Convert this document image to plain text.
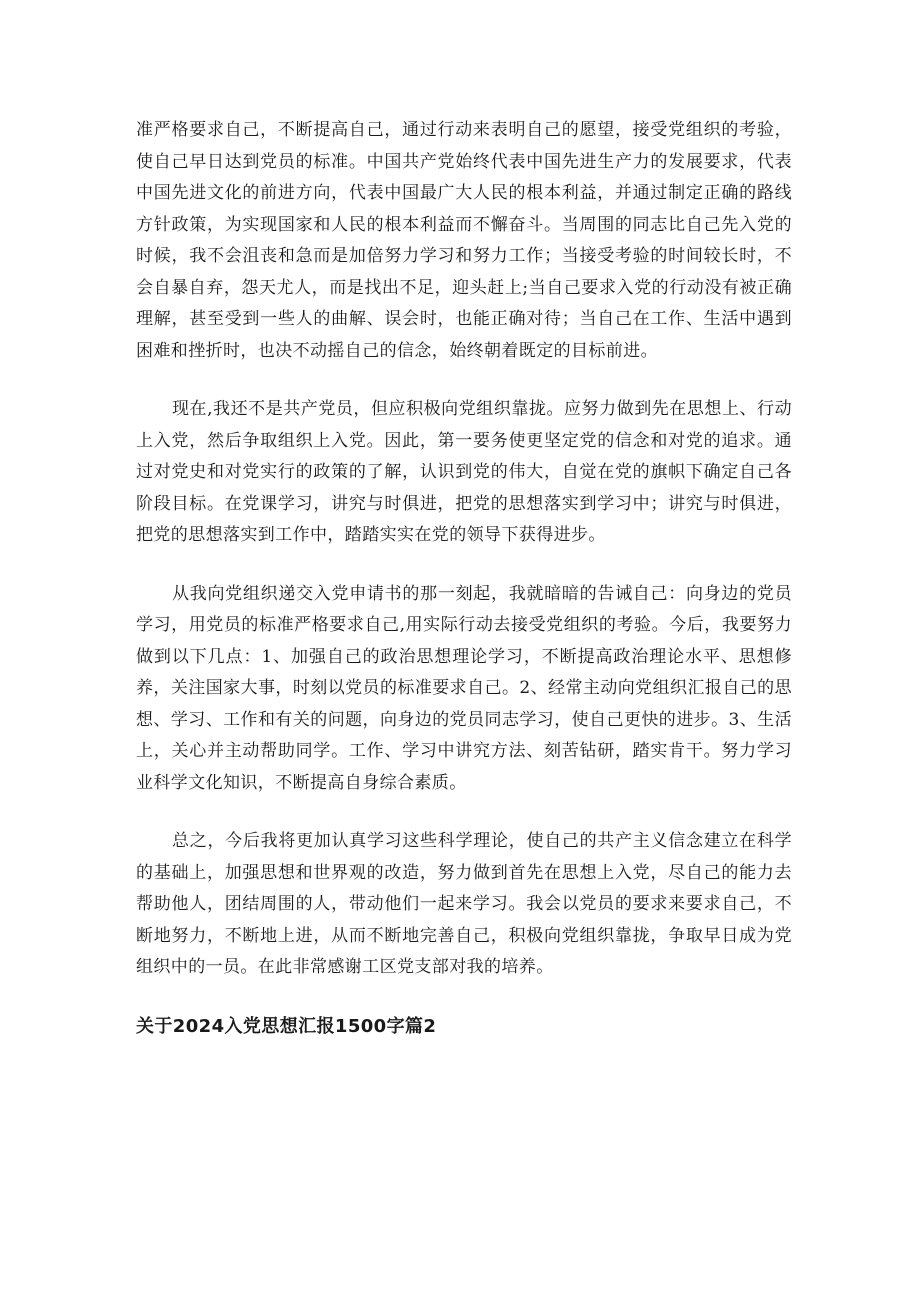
准严格要求自己，不断提高自己，通过行动来表明自己的愿望，接受党组织的考验，使自己早日达到党员的标准。中国共产党始终代表中国先进生产力的发展要求，代表中国先进文化的前进方向，代表中国最广大人民的根本利益，并通过制定正确的路线方针政策，为实现国家和人民的根本利益而不懈奋斗。当周围的同志比自己先入党的时候，我不会沮丧和急而是加倍努力学习和努力工作；当接受考验的时间较长时，不会自暴自弃，怨天尤人，而是找出不足，迎头赶上;当自己要求入党的行动没有被正确理解，甚至受到一些人的曲解、误会时，也能正确对待；当自己在工作、生活中遇到困难和挫折时，也决不动摇自己的信念，始终朝着既定的目标前进。

现在,我还不是共产党员，但应积极向党组织靠拢。应努力做到先在思想上、行动上入党，然后争取组织上入党。因此，第一要务使更坚定党的信念和对党的追求。通过对党史和对党实行的政策的了解，认识到党的伟大，自觉在党的旗帜下确定自己各阶段目标。在党课学习，讲究与时俱进，把党的思想落实到学习中；讲究与时俱进，把党的思想落实到工作中，踏踏实实在党的领导下获得进步。

从我向党组织递交入党申请书的那一刻起，我就暗暗的告诫自己：向身边的党员学习，用党员的标准严格要求自己,用实际行动去接受党组织的考验。今后，我要努力做到以下几点：1、加强自己的政治思想理论学习，不断提高政治理论水平、思想修养，关注国家大事，时刻以党员的标准要求自己。2、经常主动向党组织汇报自己的思想、学习、工作和有关的问题，向身边的党员同志学习，使自己更快的进步。3、生活上，关心并主动帮助同学。工作、学习中讲究方法、刻苦钻研，踏实肯干。努力学习业科学文化知识，不断提高自身综合素质。

总之，今后我将更加认真学习这些科学理论，使自己的共产主义信念建立在科学的基础上，加强思想和世界观的改造，努力做到首先在思想上入党，尽自己的能力去帮助他人，团结周围的人，带动他们一起来学习。我会以党员的要求来要求自己，不断地努力，不断地上进，从而不断地完善自己，积极向党组织靠拢，争取早日成为党组织中的一员。在此非常感谢工区党支部对我的培养。

关于2024入党思想汇报1500字篇2
